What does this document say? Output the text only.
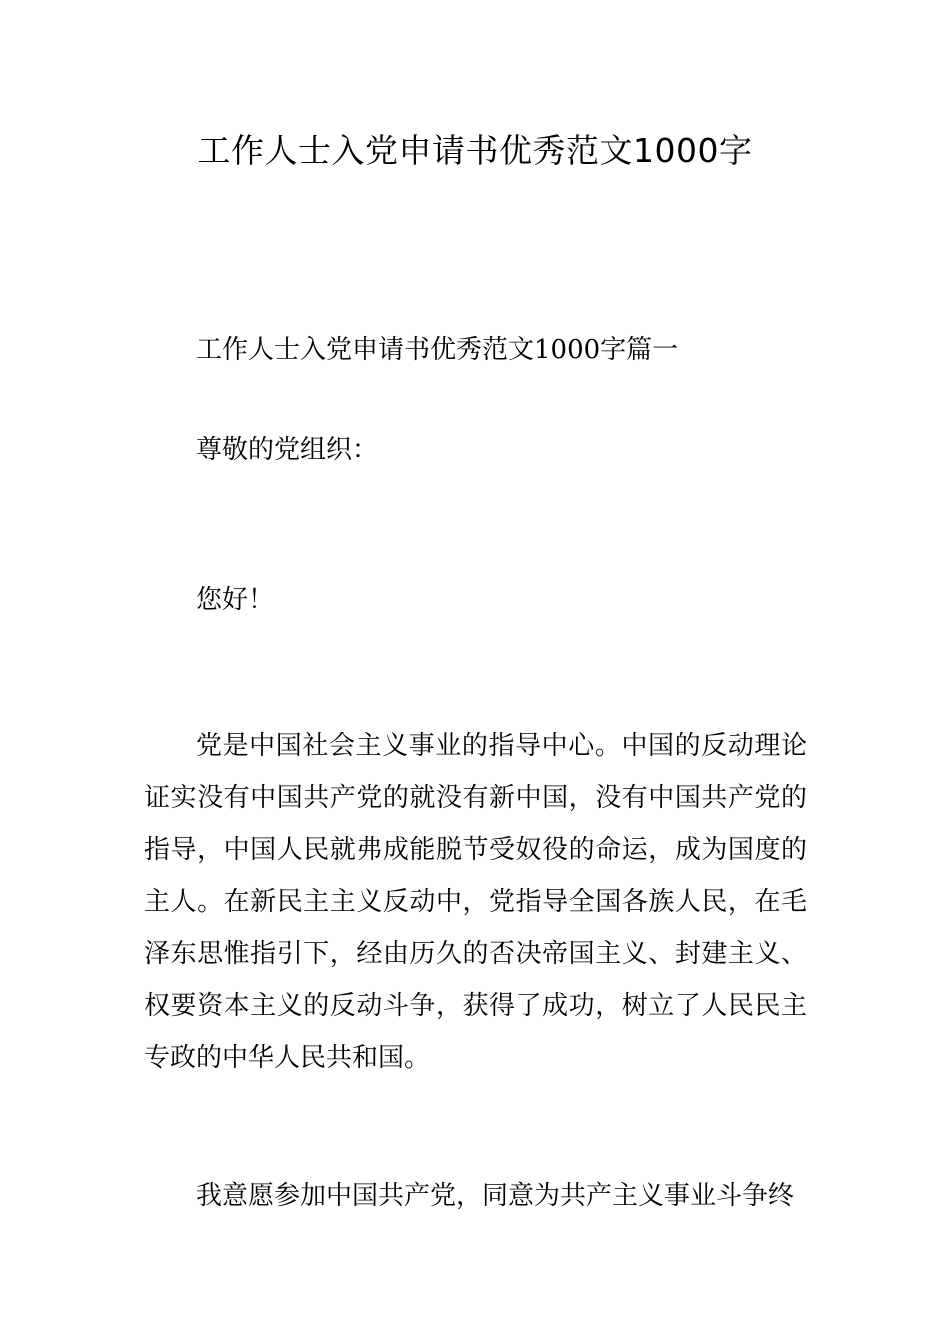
工作人士入党申请书优秀范文1000字
工作人士入党申请书优秀范文1000字篇一
尊敬的党组织：
您好！

党是中国社会主义事业的指导中心。中国的反动理论证实没有中国共产党的就没有新中国，没有中国共产党的指导，中国人民就弗成能脱节受奴役的命运，成为国度的主人。在新民主主义反动中，党指导全国各族人民，在毛泽东思惟指引下，经由历久的否决帝国主义、封建主义、权要资本主义的反动斗争，获得了成功，树立了人民民主专政的中华人民共和国。

我意愿参加中国共产党，同意为共产主义事业斗争终
